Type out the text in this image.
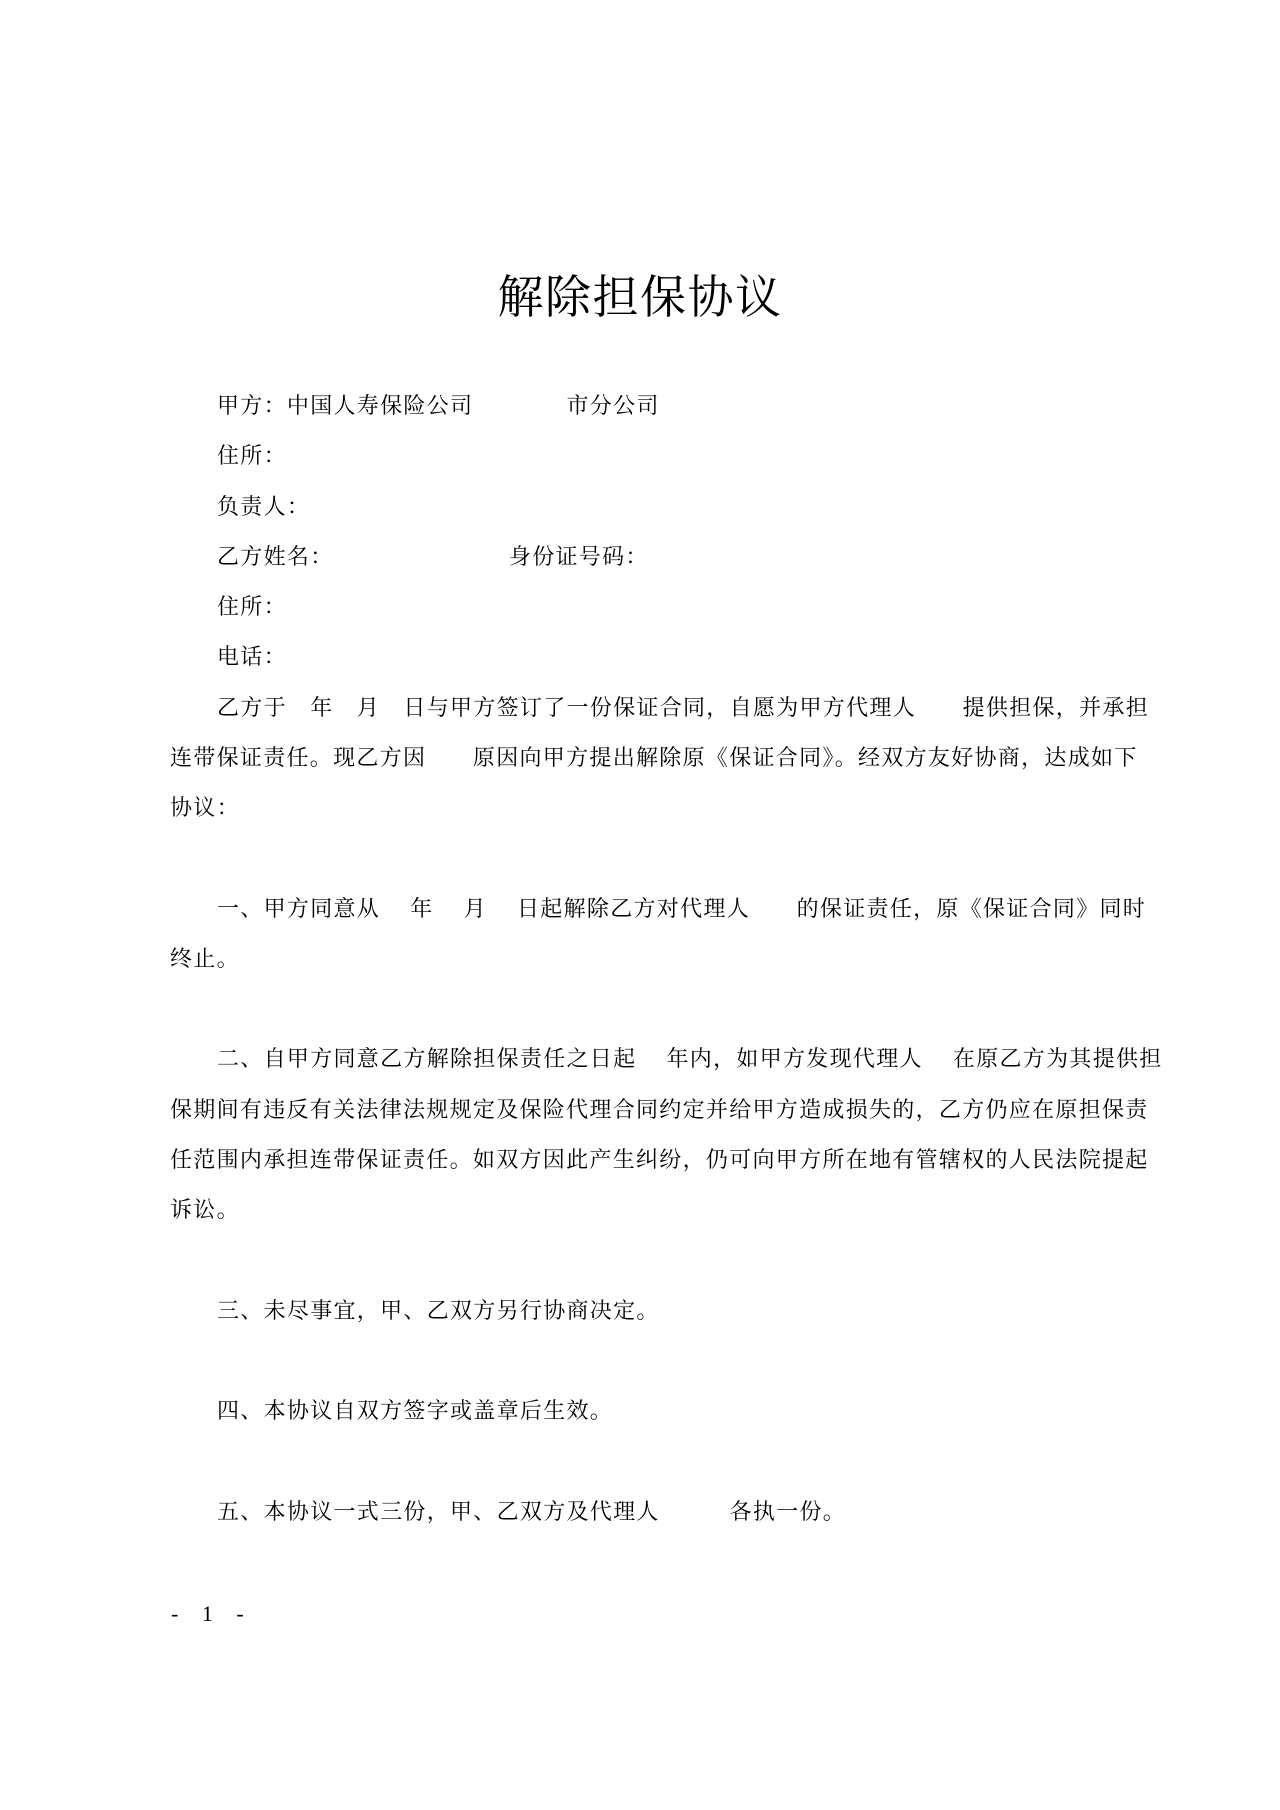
解除担保协议
甲方：中国人寿保险公司　　　　市分公司
住所：
负责人：
乙方姓名：　　　　　　　　身份证号码：
住所：
电话：
乙方于　年　月　日与甲方签订了一份保证合同，自愿为甲方代理人　　提供担保，并承担
连带保证责任。现乙方因　　原因向甲方提出解除原《保证合同》。经双方友好协商，达成如下
协议：
一、甲方同意从　 年　 月　 日起解除乙方对代理人　　的保证责任，原《保证合同》同时
终止。
二、自甲方同意乙方解除担保责任之日起　 年内，如甲方发现代理人　 在原乙方为其提供担
保期间有违反有关法律法规规定及保险代理合同约定并给甲方造成损失的，乙方仍应在原担保责
任范围内承担连带保证责任。如双方因此产生纠纷，仍可向甲方所在地有管辖权的人民法院提起
诉讼。
三、未尽事宜，甲、乙双方另行协商决定。
四、本协议自双方签字或盖章后生效。
五、本协议一式三份，甲、乙双方及代理人　　　各执一份。
- 1 -
